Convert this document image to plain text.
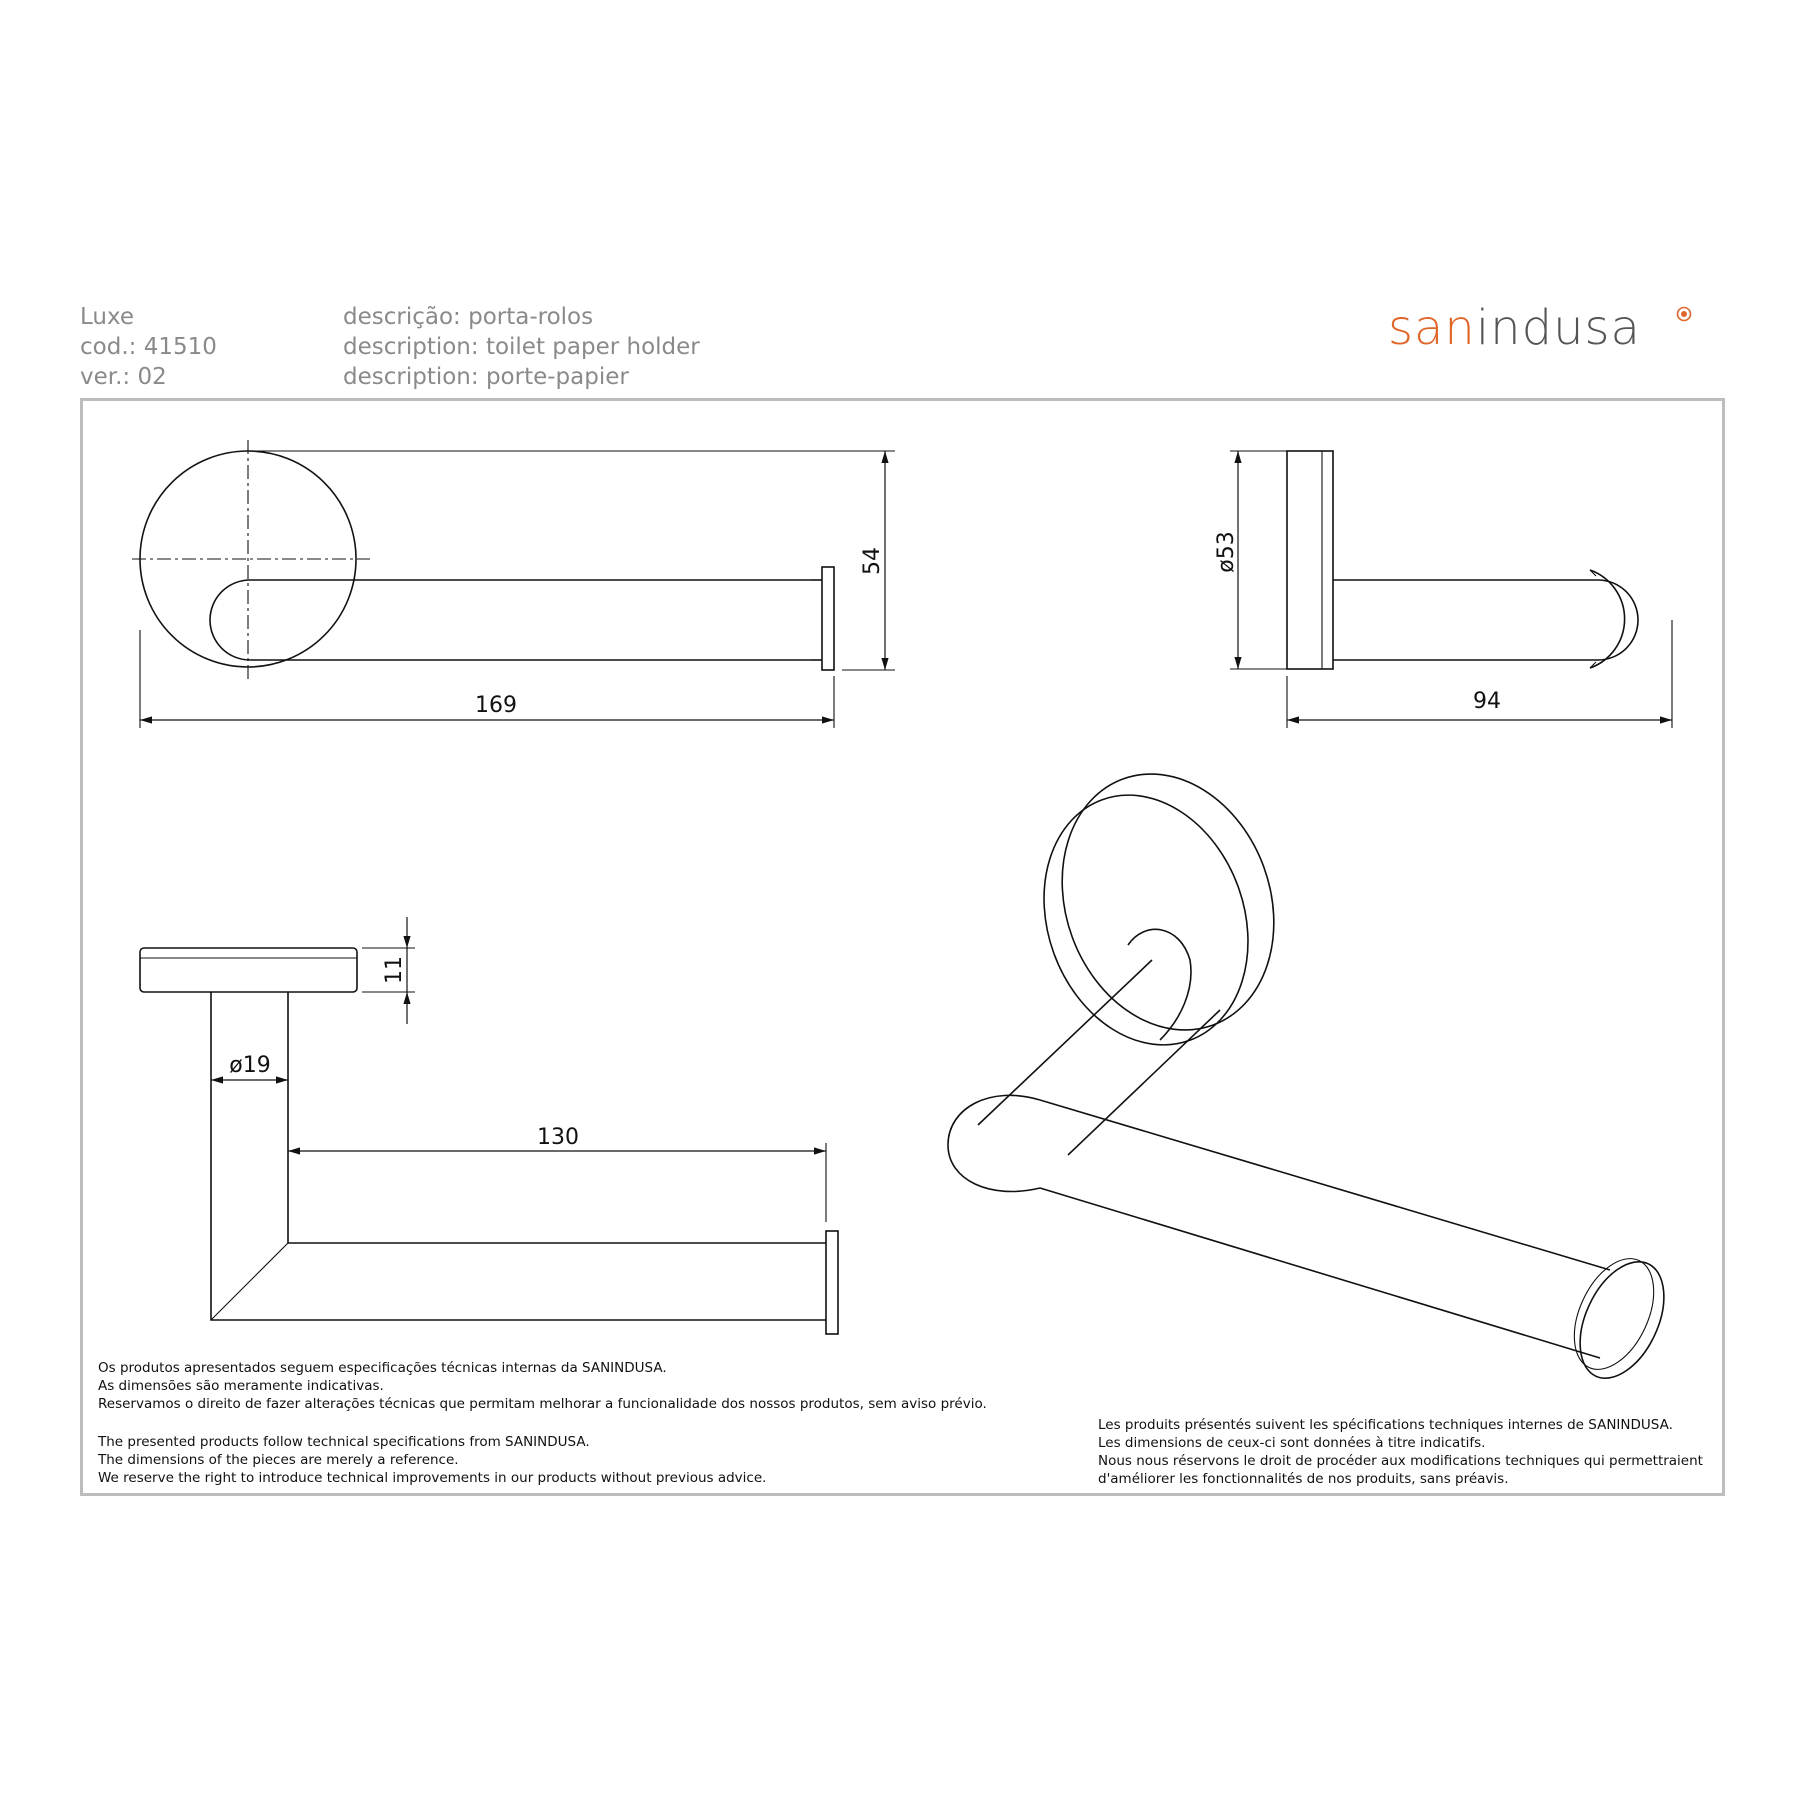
Luxe
cod.: 41510
ver.: 02
descrição: porta-rolos
description: toilet paper holder
description: porte-papier
sanindusa
54
169
ø53
94
11
ø19
130
Os produtos apresentados seguem especificações técnicas internas da SANINDUSA.
As dimensões são meramente indicativas.
Reservamos o direito de fazer alterações técnicas que permitam melhorar a funcionalidade dos nossos produtos, sem aviso prévio.
The presented products follow technical specifications from SANINDUSA.
The dimensions of the pieces are merely a reference.
We reserve the right to introduce technical improvements in our products without previous advice.
Les produits présentés suivent les spécifications techniques internes de SANINDUSA.
Les dimensions de ceux-ci sont données à titre indicatifs.
Nous nous réservons le droit de procéder aux modifications techniques qui permettraient
d'améliorer les fonctionnalités de nos produits, sans préavis.
